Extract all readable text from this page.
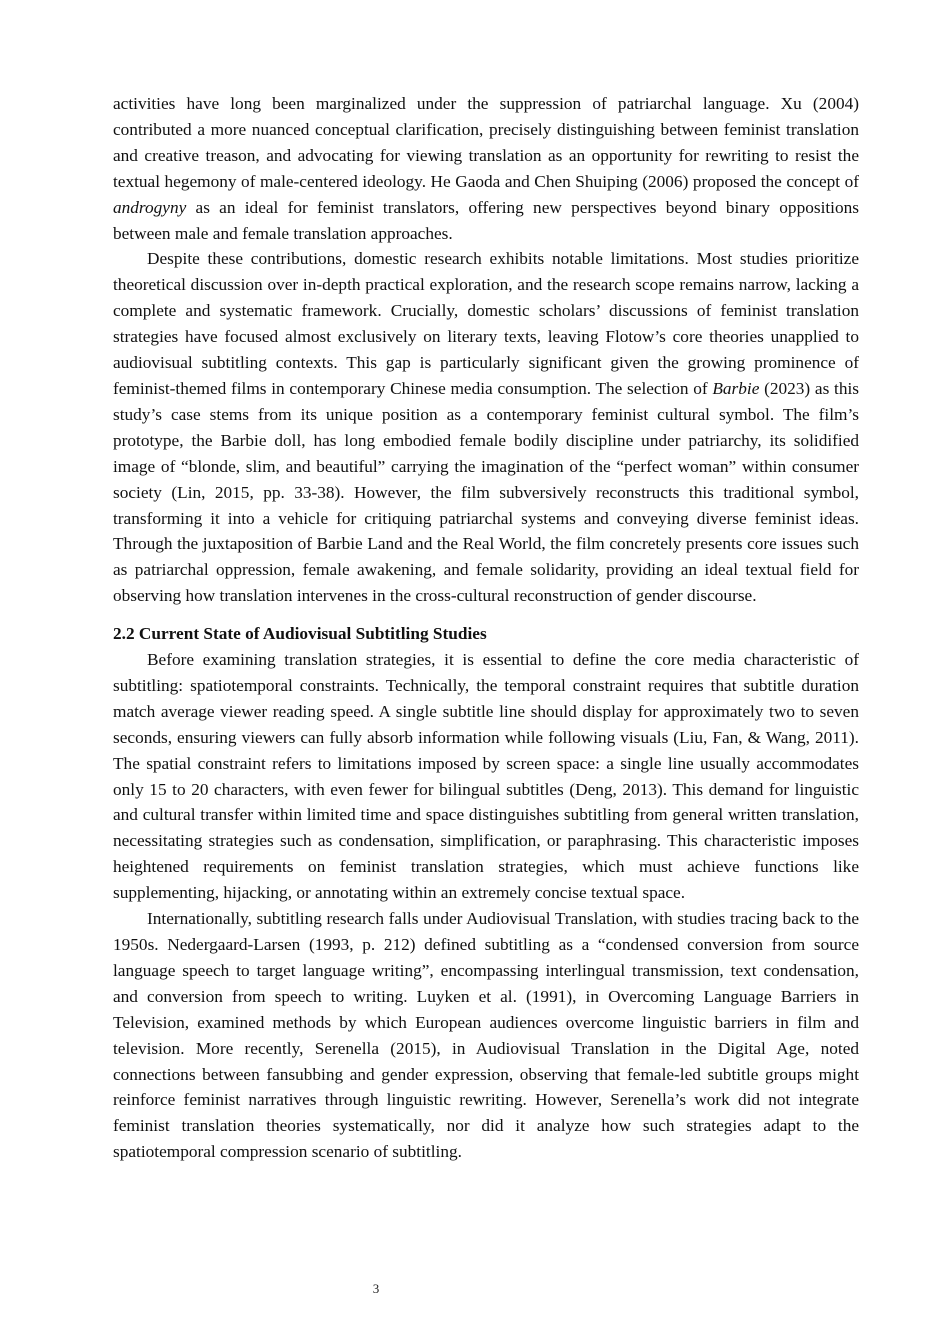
activities have long been marginalized under the suppression of patriarchal language. Xu (2004) contributed a more nuanced conceptual clarification, precisely distinguishing between feminist translation and creative treason, and advocating for viewing translation as an opportunity for rewriting to resist the textual hegemony of male-centered ideology. He Gaoda and Chen Shuiping (2006) proposed the concept of androgyny as an ideal for feminist translators, offering new perspectives beyond binary oppositions between male and female translation approaches.

Despite these contributions, domestic research exhibits notable limitations. Most studies prioritize theoretical discussion over in-depth practical exploration, and the research scope remains narrow, lacking a complete and systematic framework. Crucially, domestic scholars’ discussions of feminist translation strategies have focused almost exclusively on literary texts, leaving Flotow’s core theories unapplied to audiovisual subtitling contexts. This gap is particularly significant given the growing prominence of feminist-themed films in contemporary Chinese media consumption. The selection of Barbie (2023) as this study’s case stems from its unique position as a contemporary feminist cultural symbol. The film’s prototype, the Barbie doll, has long embodied female bodily discipline under patriarchy, its solidified image of “blonde, slim, and beautiful” carrying the imagination of the “perfect woman” within consumer society (Lin, 2015, pp. 33-38). However, the film subversively reconstructs this traditional symbol, transforming it into a vehicle for critiquing patriarchal systems and conveying diverse feminist ideas. Through the juxtaposition of Barbie Land and the Real World, the film concretely presents core issues such as patriarchal oppression, female awakening, and female solidarity, providing an ideal textual field for observing how translation intervenes in the cross-cultural reconstruction of gender discourse.

2.2 Current State of Audiovisual Subtitling Studies

Before examining translation strategies, it is essential to define the core media characteristic of subtitling: spatiotemporal constraints. Technically, the temporal constraint requires that subtitle duration match average viewer reading speed. A single subtitle line should display for approximately two to seven seconds, ensuring viewers can fully absorb information while following visuals (Liu, Fan, & Wang, 2011). The spatial constraint refers to limitations imposed by screen space: a single line usually accommodates only 15 to 20 characters, with even fewer for bilingual subtitles (Deng, 2013). This demand for linguistic and cultural transfer within limited time and space distinguishes subtitling from general written translation, necessitating strategies such as condensation, simplification, or paraphrasing. This characteristic imposes heightened requirements on feminist translation strategies, which must achieve functions like supplementing, hijacking, or annotating within an extremely concise textual space.

Internationally, subtitling research falls under Audiovisual Translation, with studies tracing back to the 1950s. Nedergaard-Larsen (1993, p. 212) defined subtitling as a “condensed conversion from source language speech to target language writing”, encompassing interlingual transmission, text condensation, and conversion from speech to writing. Luyken et al. (1991), in Overcoming Language Barriers in Television, examined methods by which European audiences overcome linguistic barriers in film and television. More recently, Serenella (2015), in Audiovisual Translation in the Digital Age, noted connections between fansubbing and gender expression, observing that female-led subtitle groups might reinforce feminist narratives through linguistic rewriting. However, Serenella’s work did not integrate feminist translation theories systematically, nor did it analyze how such strategies adapt to the spatiotemporal compression scenario of subtitling.

3
